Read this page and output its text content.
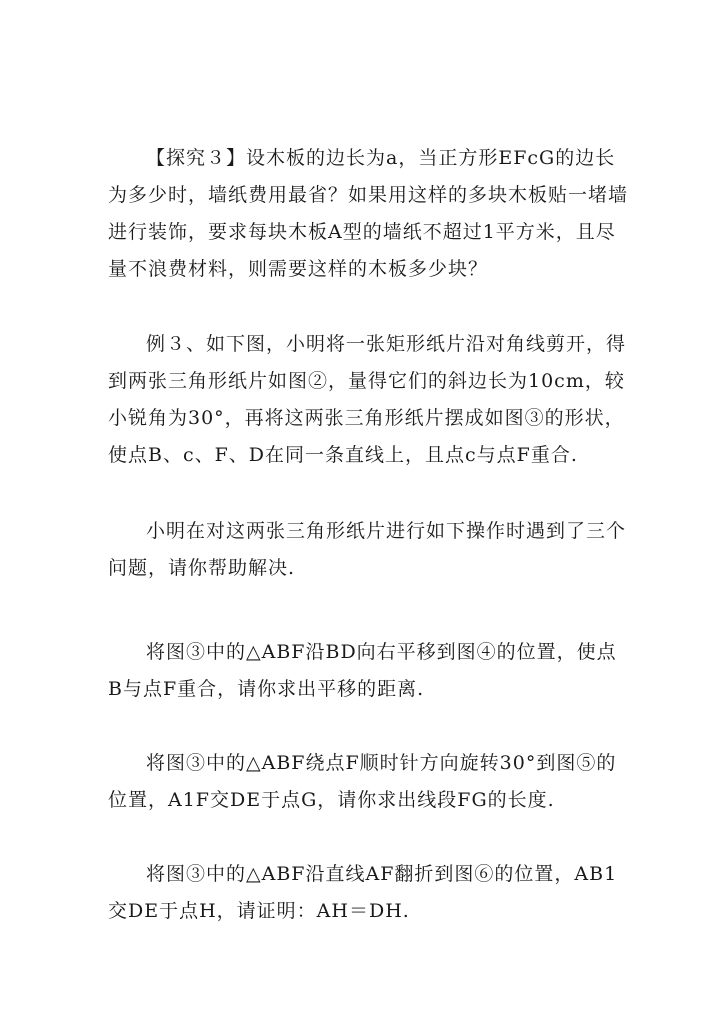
【探究３】设木板的边长为a，当正方形EFcG的边长为多少时，墙纸费用最省？如果用这样的多块木板贴一堵墙进行装饰，要求每块木板A型的墙纸不超过1平方米，且尽量不浪费材料，则需要这样的木板多少块？

例３、如下图，小明将一张矩形纸片沿对角线剪开，得到两张三角形纸片如图②，量得它们的斜边长为10cm，较小锐角为30°，再将这两张三角形纸片摆成如图③的形状，使点B、c、F、D在同一条直线上，且点c与点F重合.

小明在对这两张三角形纸片进行如下操作时遇到了三个问题，请你帮助解决.

将图③中的△ABF沿BD向右平移到图④的位置，使点B与点F重合，请你求出平移的距离.

将图③中的△ABF绕点F顺时针方向旋转30°到图⑤的位置，A1F交DE于点G，请你求出线段FG的长度.

将图③中的△ABF沿直线AF翻折到图⑥的位置，AB1交DE于点H，请证明：AH＝DH.
